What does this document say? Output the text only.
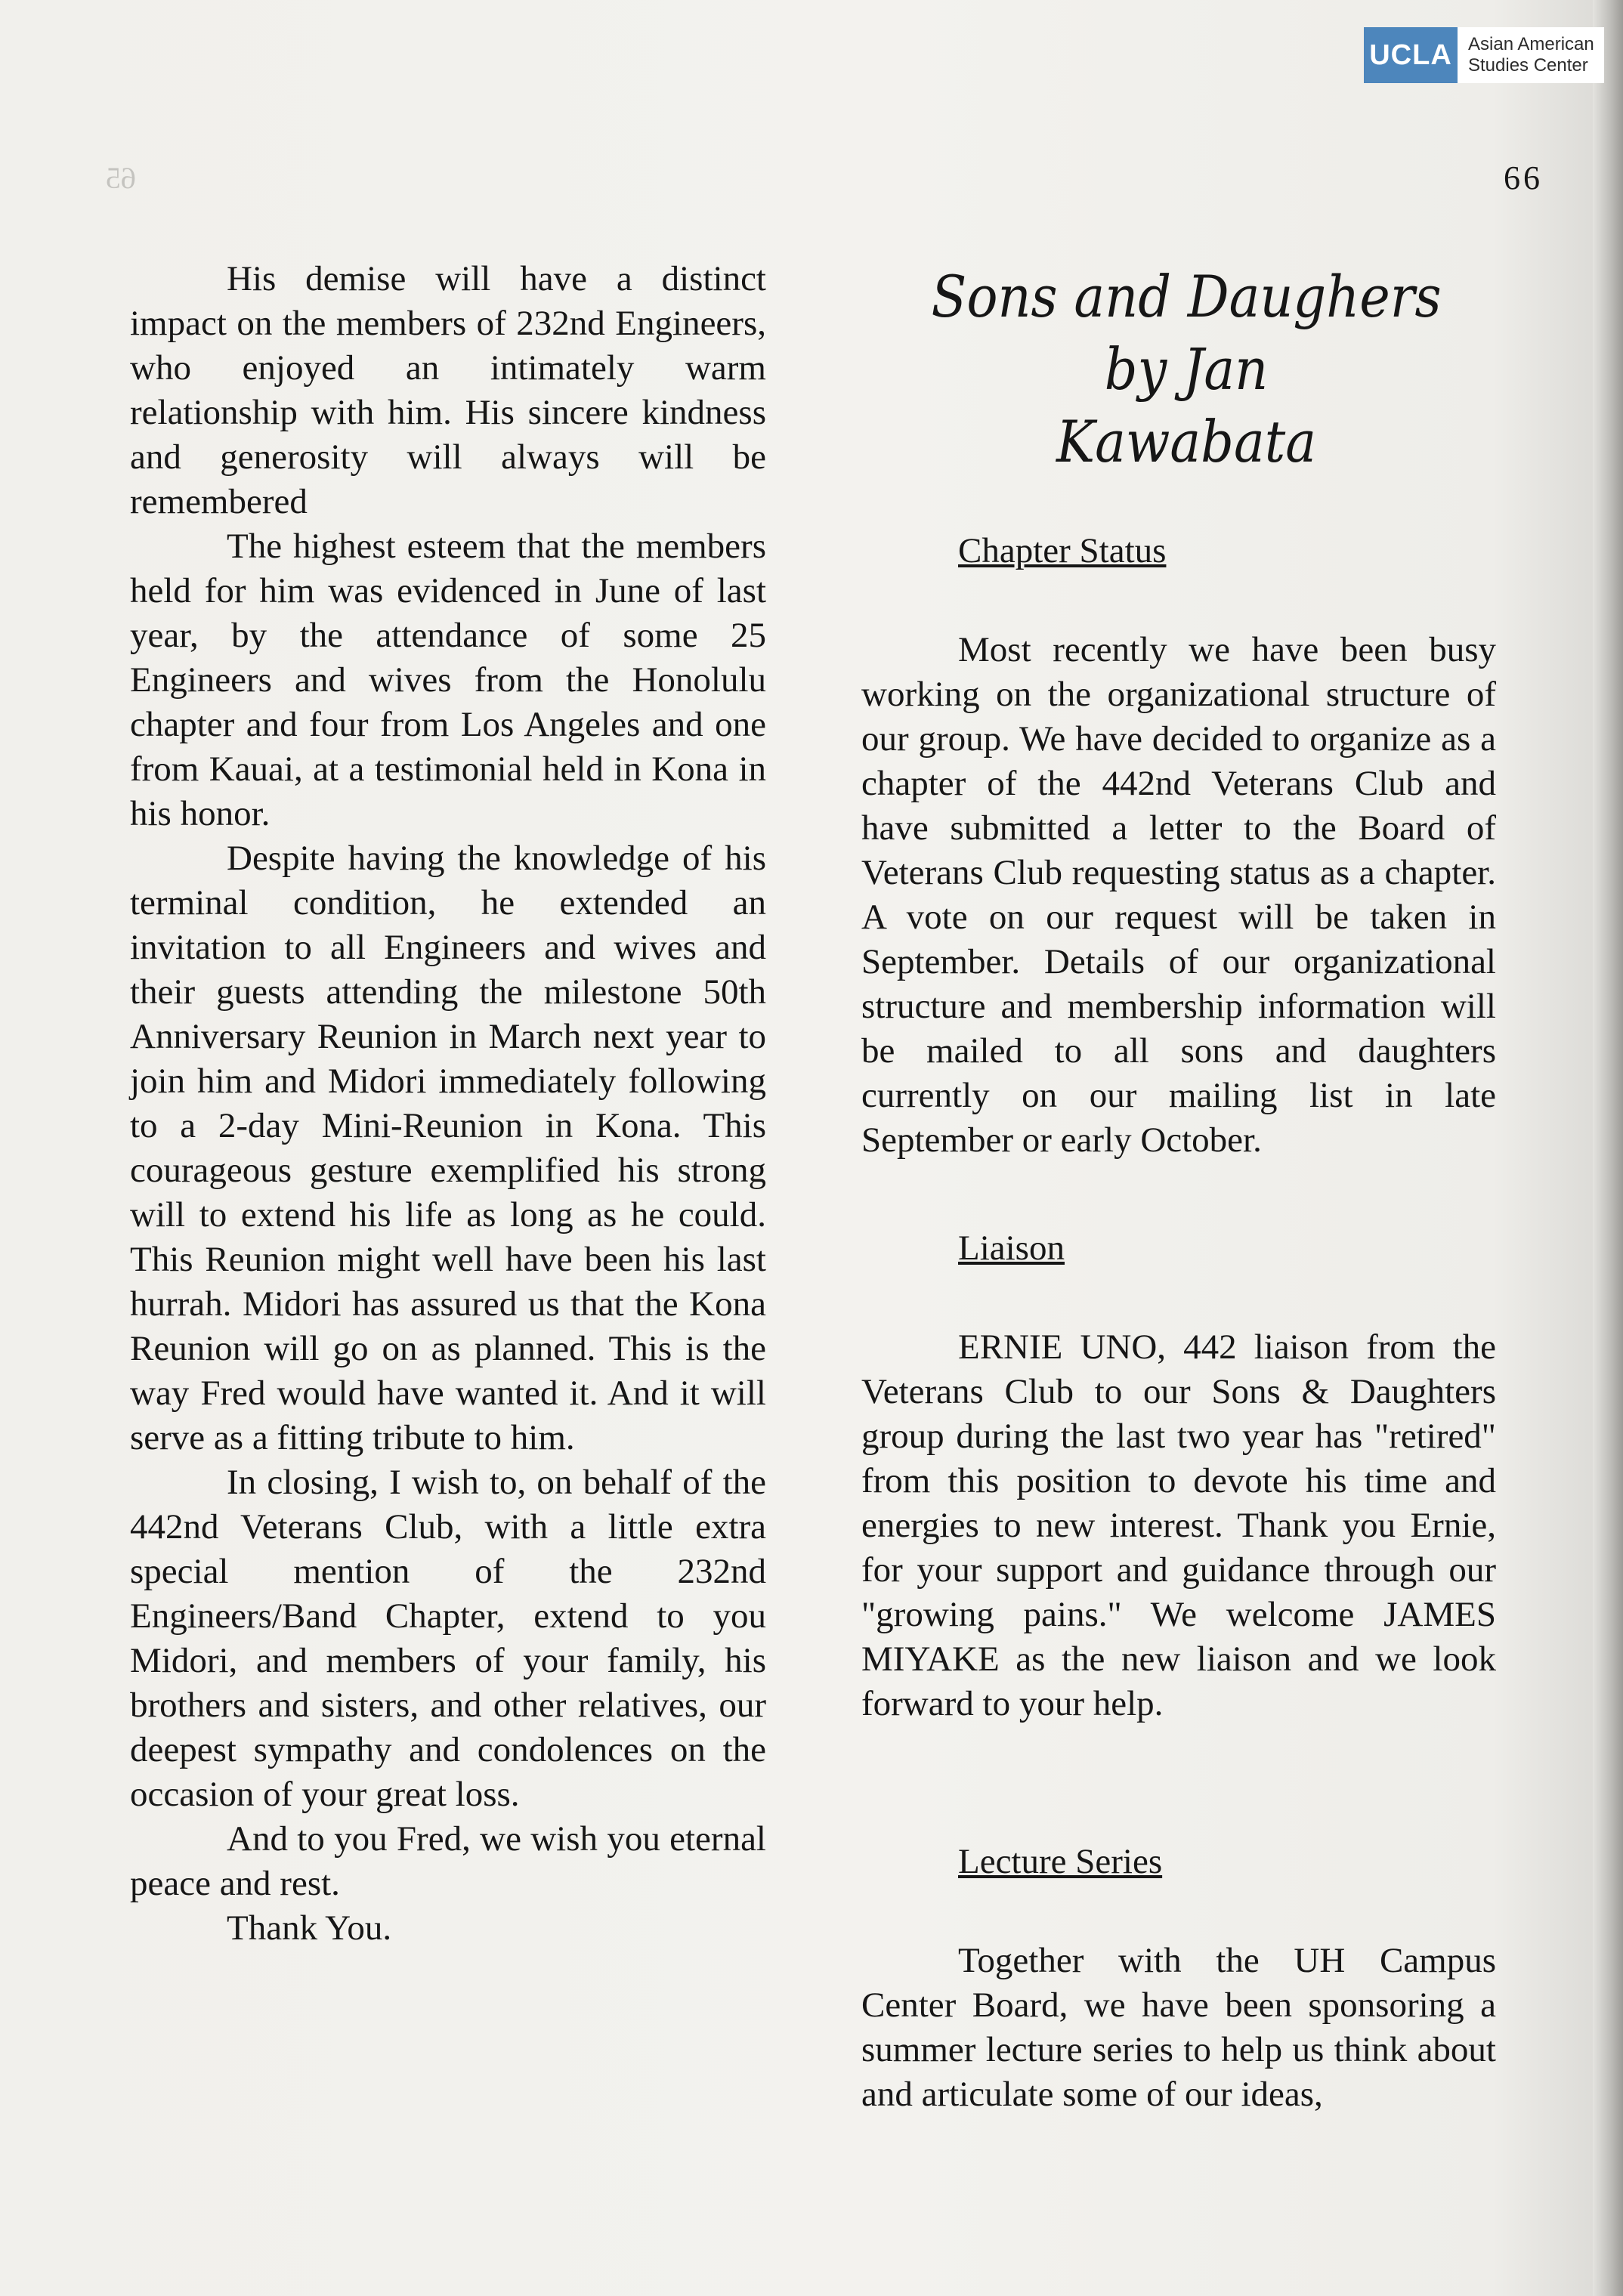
UCLA Asian American
Studies Center
65	66

His demise will have a distinct impact on the members of 232nd Engineers, who enjoyed an intimately warm relationship with him. His sincere kindness and generosity will always will be remembered

The highest esteem that the members held for him was evidenced in June of last year, by the attendance of some 25 Engineers and wives from the Honolulu chapter and four from Los Angeles and one from Kauai, at a testimonial held in Kona in his honor.

Despite having the knowledge of his terminal condition, he extended an invitation to all Engineers and wives and their guests attending the milestone 50th Anniversary Reunion in March next year to join him and Midori immediately following to a 2-day Mini-Reunion in Kona. This courageous gesture exemplified his strong will to extend his life as long as he could. This Reunion might well have been his last hurrah. Midori has assured us that the Kona Reunion will go on as planned. This is the way Fred would have wanted it. And it will serve as a fitting tribute to him.

In closing, I wish to, on behalf of the 442nd Veterans Club, with a little extra special mention of the 232nd Engineers/Band Chapter, extend to you Midori, and members of your family, his brothers and sisters, and other relatives, our deepest sympathy and condolences on the occasion of your great loss.

And to you Fred, we wish you eternal peace and rest.

Thank You.

Sons and Daughers
by Jan
Kawabata

Chapter Status

Most recently we have been busy working on the organizational structure of our group. We have decided to organize as a chapter of the 442nd Veterans Club and have submitted a letter to the Board of Veterans Club requesting status as a chapter. A vote on our request will be taken in September. Details of our organizational structure and membership information will be mailed to all sons and daughters currently on our mailing list in late September or early October.

Liaison

ERNIE UNO, 442 liaison from the Veterans Club to our Sons & Daughters group during the last two year has "retired" from this position to devote his time and energies to new interest. Thank you Ernie, for your support and guidance through our "growing pains." We welcome JAMES MIYAKE as the new liaison and we look forward to your help.

Lecture Series

Together with the UH Campus Center Board, we have been sponsoring a summer lecture series to help us think about and articulate some of our ideas,
